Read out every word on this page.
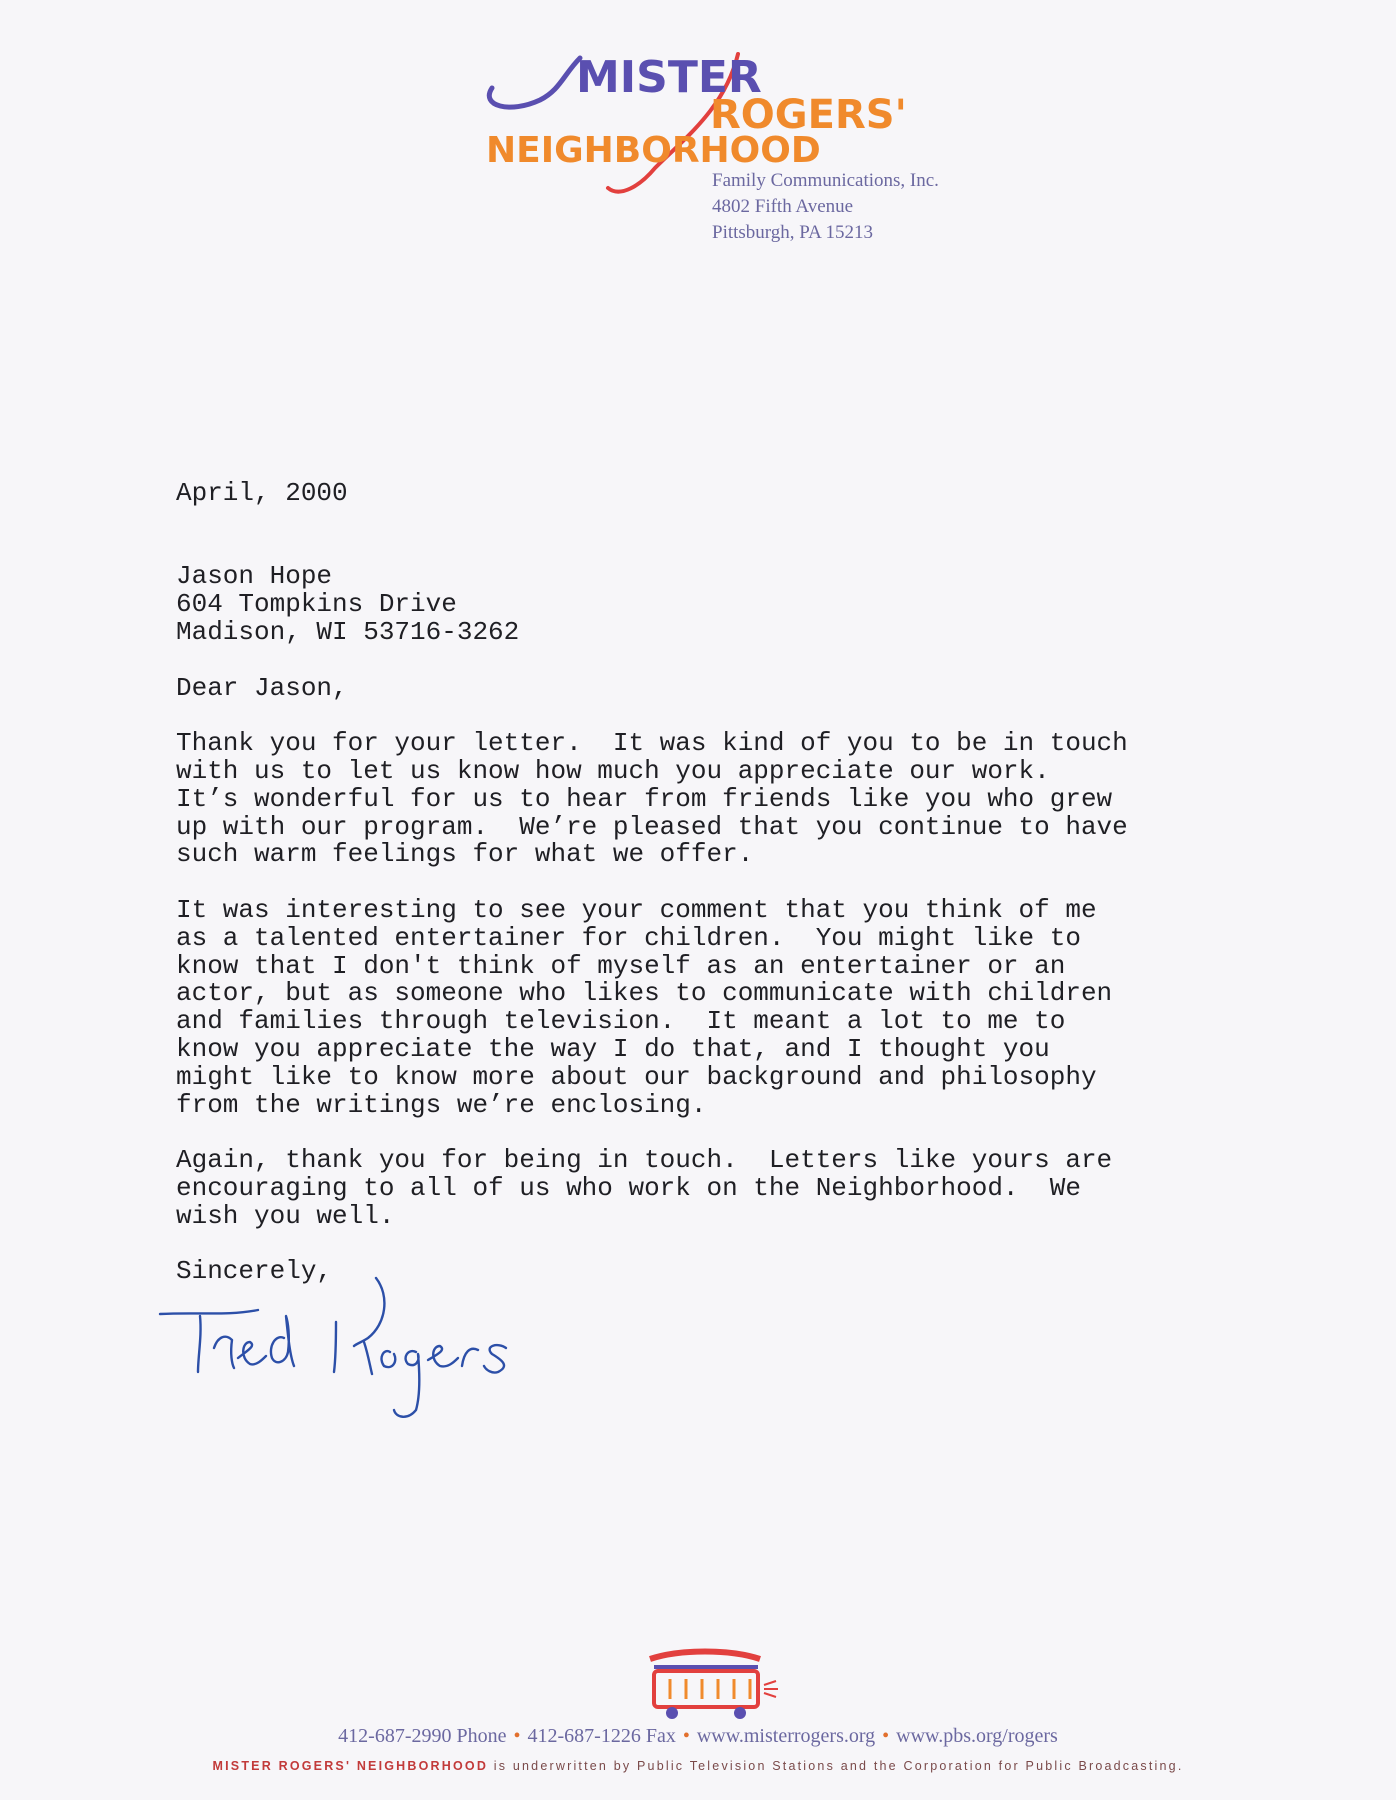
MISTER
ROGERS'
NEIGHBORHOOD
Family Communications, Inc.
4802 Fifth Avenue
Pittsburgh, PA 15213
April, 2000
Jason Hope
604 Tompkins Drive
Madison, WI 53716-3262
Dear Jason,
Thank you for your letter.  It was kind of you to be in touch
with us to let us know how much you appreciate our work.
It’s wonderful for us to hear from friends like you who grew
up with our program.  We’re pleased that you continue to have
such warm feelings for what we offer.
It was interesting to see your comment that you think of me
as a talented entertainer for children.  You might like to
know that I don't think of myself as an entertainer or an
actor, but as someone who likes to communicate with children
and families through television.  It meant a lot to me to
know you appreciate the way I do that, and I thought you
might like to know more about our background and philosophy
from the writings we’re enclosing.
Again, thank you for being in touch.  Letters like yours are
encouraging to all of us who work on the Neighborhood.  We
wish you well.
Sincerely,
412-687-2990 Phone • 412-687-1226 Fax • www.misterrogers.org • www.pbs.org/rogers
MISTER ROGERS' NEIGHBORHOOD is underwritten by Public Television Stations and the Corporation for Public Broadcasting.
